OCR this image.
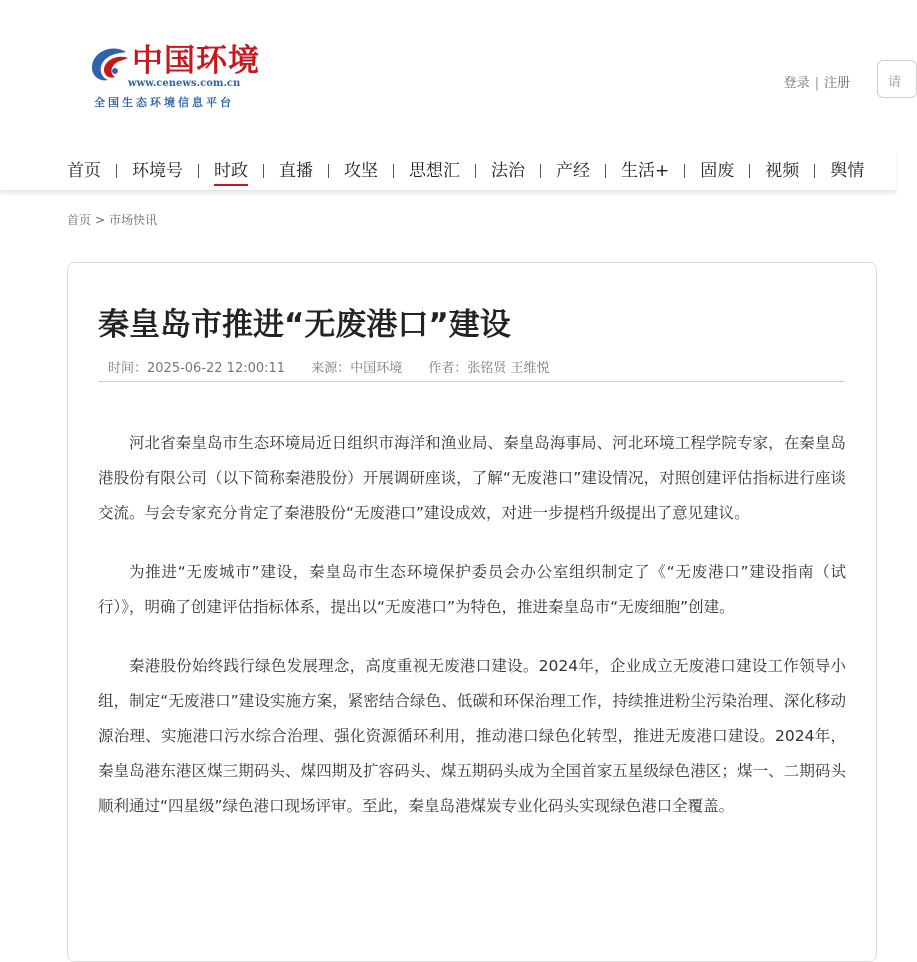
中国环境
www.cenews.com.cn
全国生态环境信息平台
登录 | 注册	请
首页 环境号 时政 直播 攻坚 思想汇 法治 产经 生活+ 固废 视频 舆情
首页 > 市场快讯
秦皇岛市推进“无废港口”建设
时间：2025-06-22 12:00:11 来源：中国环境 作者：张铭贤 王维悦

河北省秦皇岛市生态环境局近日组织市海洋和渔业局、秦皇岛海事局、河北环境工程学院专家，在秦皇岛港股份有限公司（以下简称秦港股份）开展调研座谈，了解“无废港口”建设情况，对照创建评估指标进行座谈交流。与会专家充分肯定了秦港股份“无废港口”建设成效，对进一步提档升级提出了意见建议。

为推进“无废城市”建设，秦皇岛市生态环境保护委员会办公室组织制定了《“无废港口”建设指南（试行）》，明确了创建评估指标体系，提出以“无废港口”为特色，推进秦皇岛市“无废细胞”创建。

秦港股份始终践行绿色发展理念，高度重视无废港口建设。2024年，企业成立无废港口建设工作领导小组，制定“无废港口”建设实施方案，紧密结合绿色、低碳和环保治理工作，持续推进粉尘污染治理、深化移动源治理、实施港口污水综合治理、强化资源循环利用，推动港口绿色化转型，推进无废港口建设。2024年，秦皇岛港东港区煤三期码头、煤四期及扩容码头、煤五期码头成为全国首家五星级绿色港区；煤一、二期码头顺利通过“四星级”绿色港口现场评审。至此，秦皇岛港煤炭专业化码头实现绿色港口全覆盖。
